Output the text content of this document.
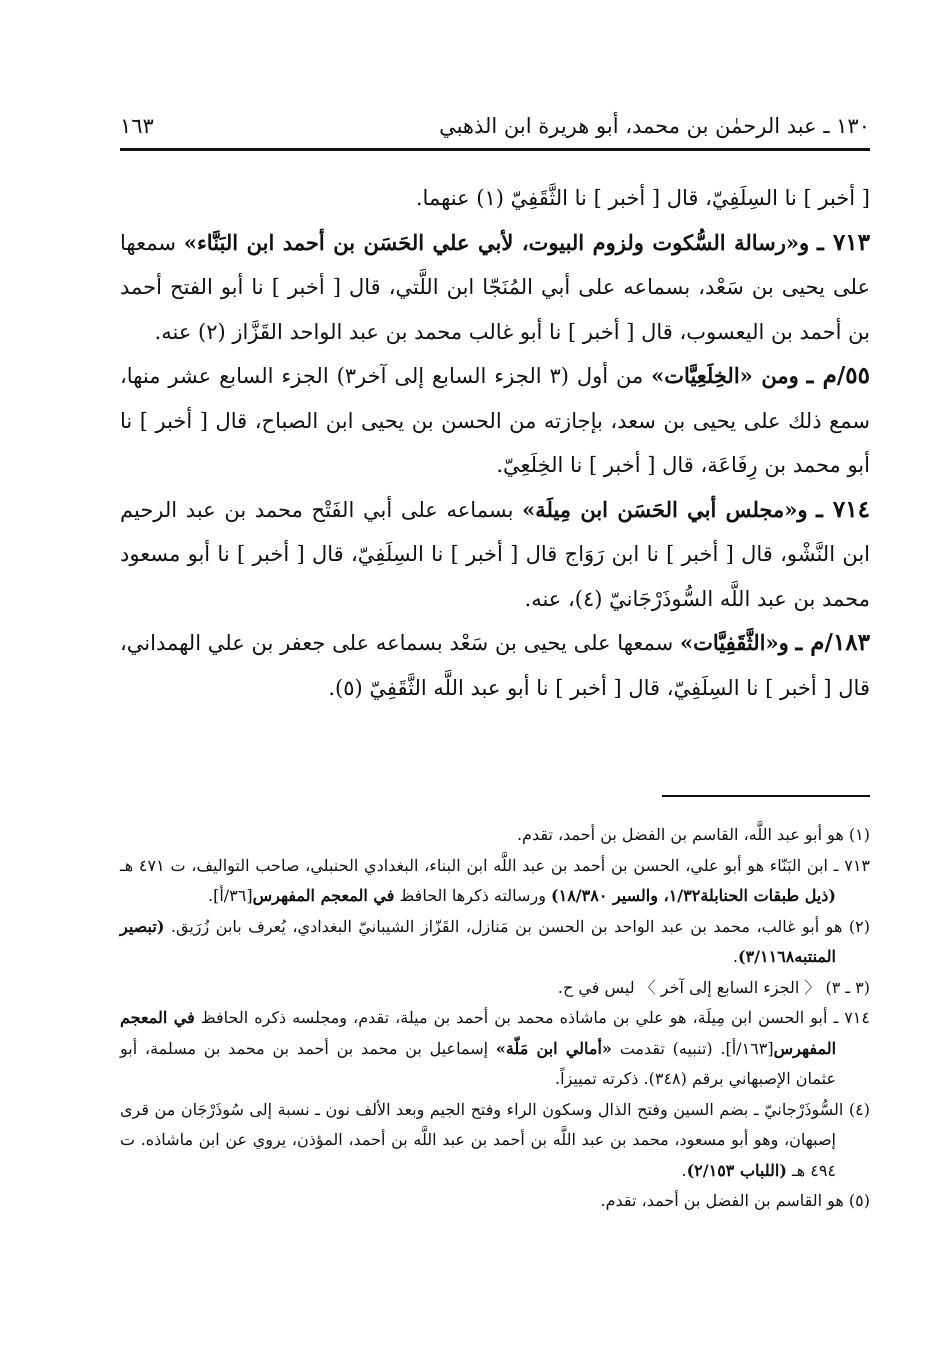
١٣٠ ـ عبد الرحمٰن بن محمد، أبو هريرة ابن الذهبي
١٦٣

[ أخبر ] نا السِلَفِيّ، قال [ أخبر ] نا الثَّقَفِيّ (١) عنهما.

٧١٣ ـ و«رسالة السُّكوت ولزوم البيوت، لأبي علي الحَسَن بن أحمد ابن البَنَّاء» سمعها على يحيى بن سَعْد، بسماعه على أبي المُنَجّا ابن اللَّتي، قال [ أخبر ] نا أبو الفتح أحمد بن أحمد بن اليعسوب، قال [ أخبر ] نا أبو غالب محمد بن عبد الواحد القَزَّاز (٢) عنه.

٥٥/م ـ ومن «الخِلَعِيَّات» من أول (٣ الجزء السابع إلى آخر٣) الجزء السابع عشر منها، سمع ذلك على يحيى بن سعد، بإجازته من الحسن بن يحيى ابن الصباح، قال [ أخبر ] نا أبو محمد بن رِفَاعَة، قال [ أخبر ] نا الخِلَعِيّ.

٧١٤ ـ و«مجلس أبي الحَسَن ابن مِيلَة» بسماعه على أبي الفَتْح محمد بن عبد الرحيم ابن النَّشْو، قال [ أخبر ] نا ابن رَوَاج قال [ أخبر ] نا السِلَفِيّ، قال [ أخبر ] نا أبو مسعود محمد بن عبد اللَّه السُّوذَرْجَانيّ (٤)، عنه.

١٨٣/م ـ و«الثَّقَفِيَّات» سمعها على يحيى بن سَعْد بسماعه على جعفر بن علي الهمداني، قال [ أخبر ] نا السِلَفِيّ، قال [ أخبر ] نا أبو عبد اللَّه الثَّقَفِيّ (٥).

(١) هو أبو عبد اللَّه، القاسم بن الفضل بن أحمد، تقدم.

٧١٣ ـ ابن البَنّاء هو أبو علي، الحسن بن أحمد بن عبد اللَّه ابن البناء، البغدادي الحنبلي، صاحب التواليف، ت ٤٧١ هـ (ذيل طبقات الحنابلة١/٣٢، والسير ١٨/٣٨٠) ورسالته ذكرها الحافظ في المعجم المفهرس[٣٦/أ].

(٢) هو أبو غالب، محمد بن عبد الواحد بن الحسن بن مَنازل، القَزّاز الشيبانيّ البغدادي، يُعرف بابن زُرَيق. (تبصير المنتبه٣/١١٦٨).

(٣ ـ ٣) 〈 الجزء السابع إلى آخر 〉 ليس في ح.

٧١٤ ـ أبو الحسن ابن مِيلَة، هو علي بن ماشاذه محمد بن أحمد بن ميلة، تقدم، ومجلسه ذكره الحافظ في المعجم المفهرس[١٦٣/أ]. (تنبيه) تقدمت «أمالي ابن مَلّة» إسماعيل بن محمد بن أحمد بن محمد بن مسلمة، أبو عثمان الإصبهاني برقم (٣٤٨). ذكرته تمييزاً.

(٤) السُّوذَرْجانيّ ـ بضم السين وفتح الذال وسكون الراء وفتح الجيم وبعد الألف نون ـ نسبة إلى سُوذَرْجَان من قرى إصبهان، وهو أبو مسعود، محمد بن عبد اللَّه بن أحمد بن عبد اللَّه بن أحمد، المؤذن، يروي عن ابن ماشاذه. ت ٤٩٤ هـ (اللباب ٢/١٥٣).

(٥) هو القاسم بن الفضل بن أحمد، تقدم.
